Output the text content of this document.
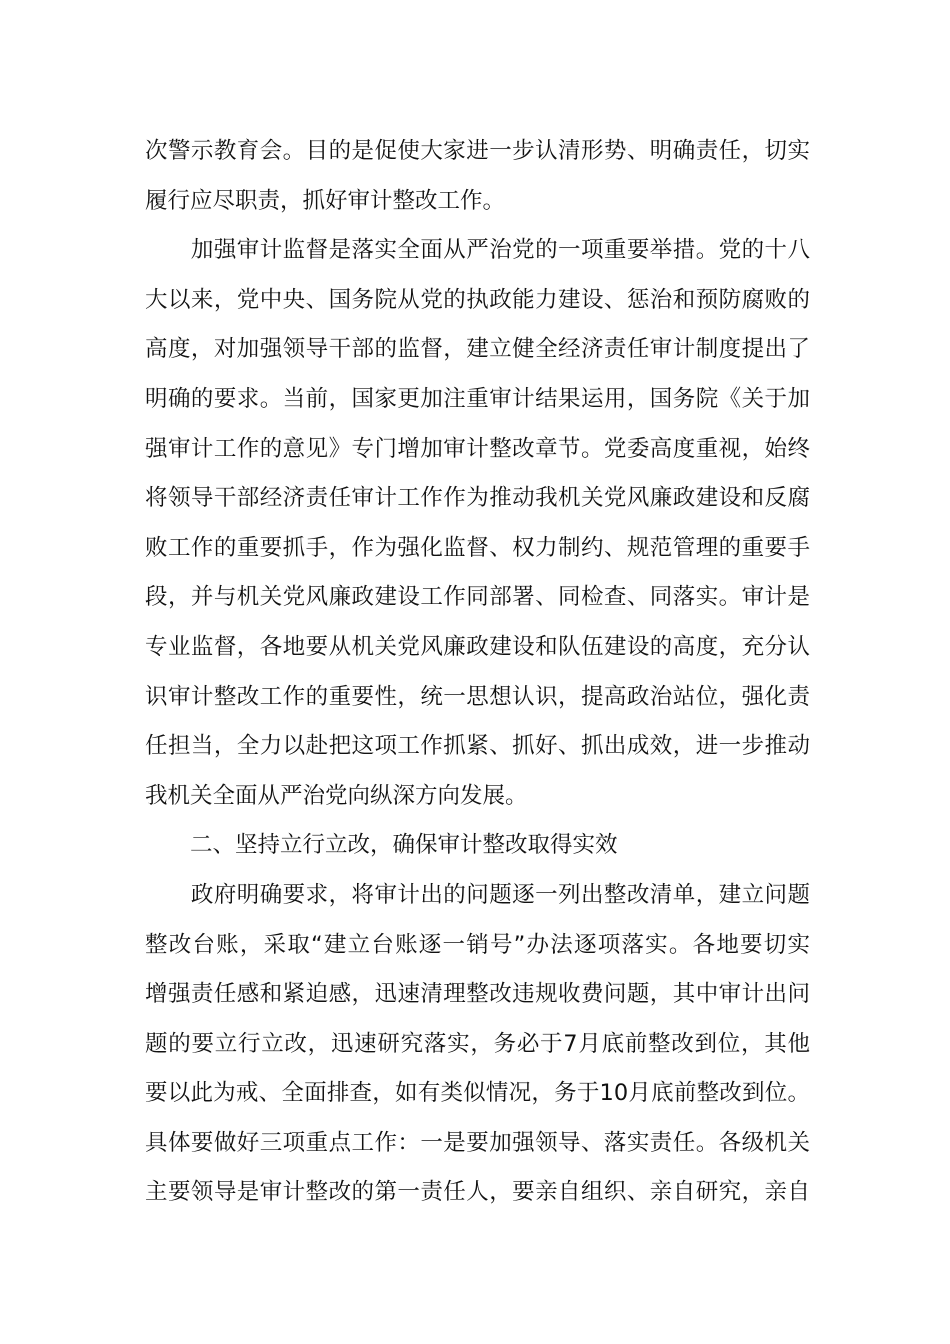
次警示教育会。目的是促使大家进一步认清形势、明确责任，切实
履行应尽职责，抓好审计整改工作。
　　加强审计监督是落实全面从严治党的一项重要举措。党的十八
大以来，党中央、国务院从党的执政能力建设、惩治和预防腐败的
高度，对加强领导干部的监督，建立健全经济责任审计制度提出了
明确的要求。当前，国家更加注重审计结果运用，国务院《关于加
强审计工作的意见》专门增加审计整改章节。党委高度重视，始终
将领导干部经济责任审计工作作为推动我机关党风廉政建设和反腐
败工作的重要抓手，作为强化监督、权力制约、规范管理的重要手
段，并与机关党风廉政建设工作同部署、同检查、同落实。审计是
专业监督，各地要从机关党风廉政建设和队伍建设的高度，充分认
识审计整改工作的重要性，统一思想认识，提高政治站位，强化责
任担当，全力以赴把这项工作抓紧、抓好、抓出成效，进一步推动
我机关全面从严治党向纵深方向发展。
　　二、坚持立行立改，确保审计整改取得实效
　　政府明确要求，将审计出的问题逐一列出整改清单，建立问题
整改台账，采取“建立台账逐一销号”办法逐项落实。各地要切实
增强责任感和紧迫感，迅速清理整改违规收费问题，其中审计出问
题的要立行立改，迅速研究落实，务必于7月底前整改到位，其他
要以此为戒、全面排查，如有类似情况，务于10月底前整改到位。
具体要做好三项重点工作：一是要加强领导、落实责任。各级机关
主要领导是审计整改的第一责任人，要亲自组织、亲自研究，亲自
